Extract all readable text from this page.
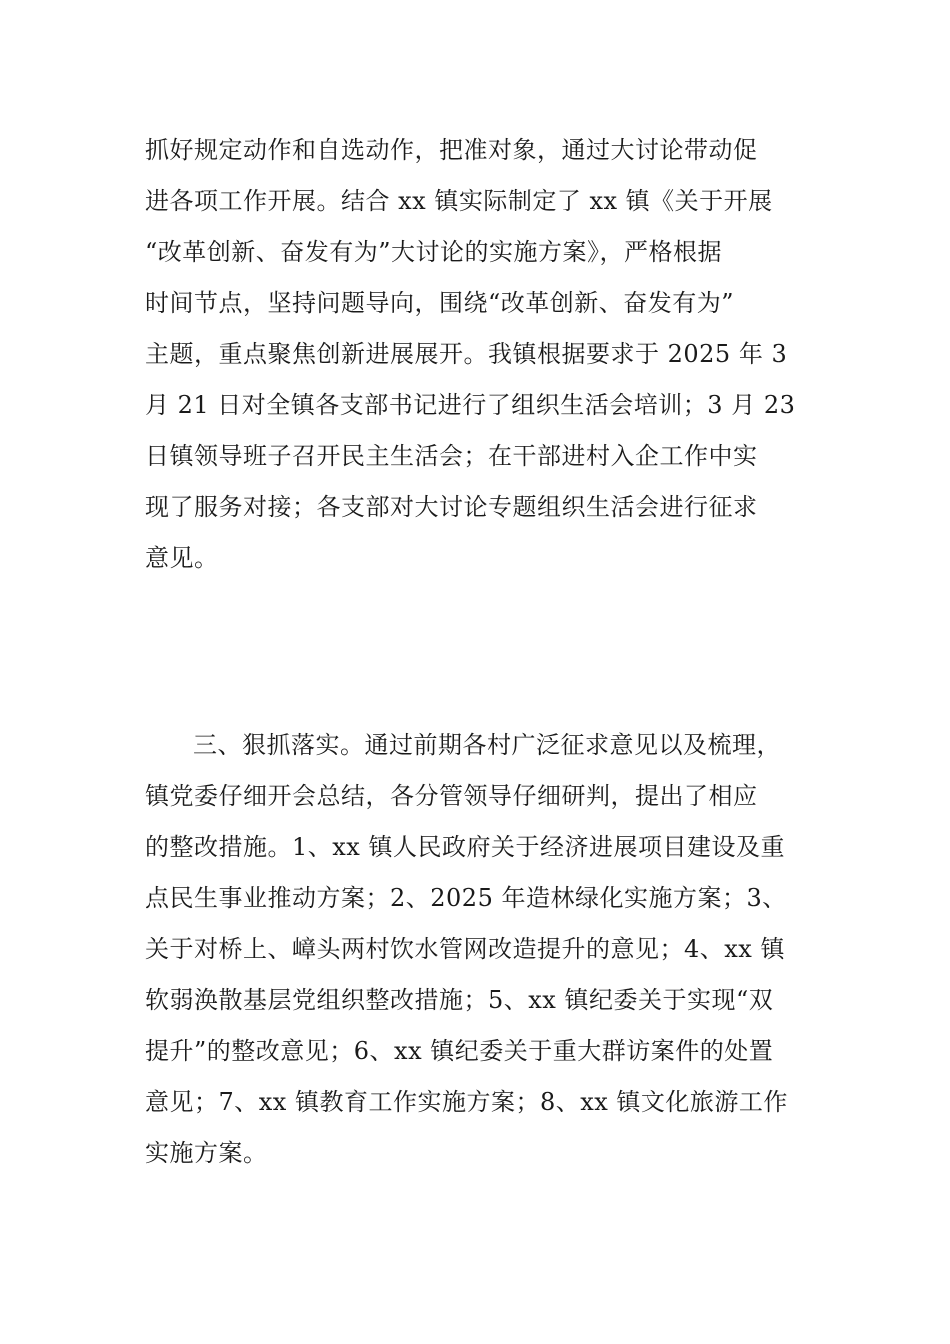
抓好规定动作和自选动作，把准对象，通过大讨论带动促

进各项工作开展。结合 xx 镇实际制定了 xx 镇《关于开展

“改革创新、奋发有为”大讨论的实施方案》，严格根据

时间节点，坚持问题导向，围绕“改革创新、奋发有为”

主题，重点聚焦创新进展展开。我镇根据要求于 2025 年 3

月 21 日对全镇各支部书记进行了组织生活会培训；3 月 23

日镇领导班子召开民主生活会；在干部进村入企工作中实

现了服务对接；各支部对大讨论专题组织生活会进行征求

意见。

三、狠抓落实。通过前期各村广泛征求意见以及梳理，

镇党委仔细开会总结，各分管领导仔细研判，提出了相应

的整改措施。1、xx 镇人民政府关于经济进展项目建设及重

点民生事业推动方案；2、2025 年造林绿化实施方案；3、

关于对桥上、嶂头两村饮水管网改造提升的意见；4、xx 镇

软弱涣散基层党组织整改措施；5、xx 镇纪委关于实现“双

提升”的整改意见；6、xx 镇纪委关于重大群访案件的处置

意见；7、xx 镇教育工作实施方案；8、xx 镇文化旅游工作

实施方案。
